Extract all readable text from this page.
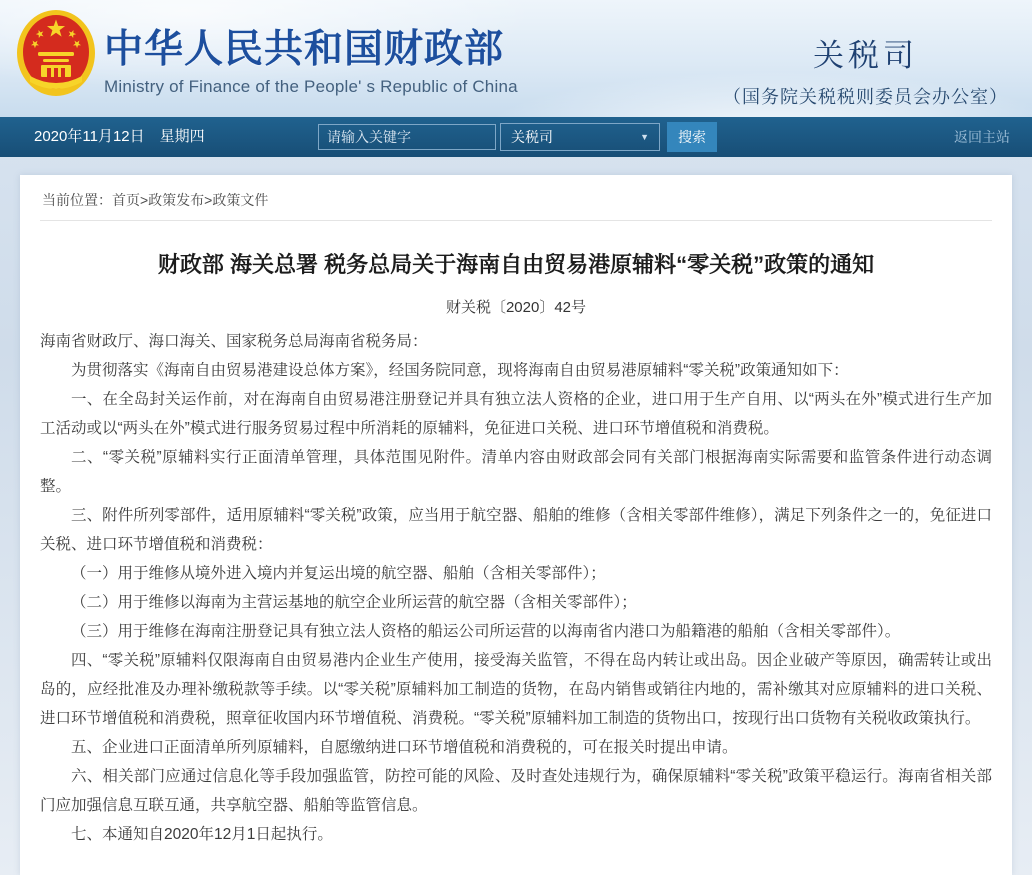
中华人民共和国财政部
Ministry of Finance of the People' s Republic of China
关税司
（国务院关税税则委员会办公室）
2020年11月12日　星期四
请输入关键字	关税司	▼	搜索	返回主站
当前位置：首页>政策发布>政策文件
财政部 海关总署 税务总局关于海南自由贸易港原辅料“零关税”政策的通知
财关税〔2020〕42号

海南省财政厅、海口海关、国家税务总局海南省税务局：

为贯彻落实《海南自由贸易港建设总体方案》，经国务院同意，现将海南自由贸易港原辅料“零关税”政策通知如下：

一、在全岛封关运作前，对在海南自由贸易港注册登记并具有独立法人资格的企业，进口用于生产自用、以“两头在外”模式进行生产加工活动或以“两头在外”模式进行服务贸易过程中所消耗的原辅料，免征进口关税、进口环节增值税和消费税。

二、“零关税”原辅料实行正面清单管理，具体范围见附件。清单内容由财政部会同有关部门根据海南实际需要和监管条件进行动态调整。

三、附件所列零部件，适用原辅料“零关税”政策，应当用于航空器、船舶的维修（含相关零部件维修），满足下列条件之一的，免征进口关税、进口环节增值税和消费税：

（一）用于维修从境外进入境内并复运出境的航空器、船舶（含相关零部件）；

（二）用于维修以海南为主营运基地的航空企业所运营的航空器（含相关零部件）；

（三）用于维修在海南注册登记具有独立法人资格的船运公司所运营的以海南省内港口为船籍港的船舶（含相关零部件）。

四、“零关税”原辅料仅限海南自由贸易港内企业生产使用，接受海关监管，不得在岛内转让或出岛。因企业破产等原因，确需转让或出岛的，应经批准及办理补缴税款等手续。以“零关税”原辅料加工制造的货物，在岛内销售或销往内地的，需补缴其对应原辅料的进口关税、进口环节增值税和消费税，照章征收国内环节增值税、消费税。“零关税”原辅料加工制造的货物出口，按现行出口货物有关税收政策执行。

五、企业进口正面清单所列原辅料，自愿缴纳进口环节增值税和消费税的，可在报关时提出申请。

六、相关部门应通过信息化等手段加强监管，防控可能的风险、及时查处违规行为，确保原辅料“零关税”政策平稳运行。海南省相关部门应加强信息互联互通，共享航空器、船舶等监管信息。

七、本通知自2020年12月1日起执行。
